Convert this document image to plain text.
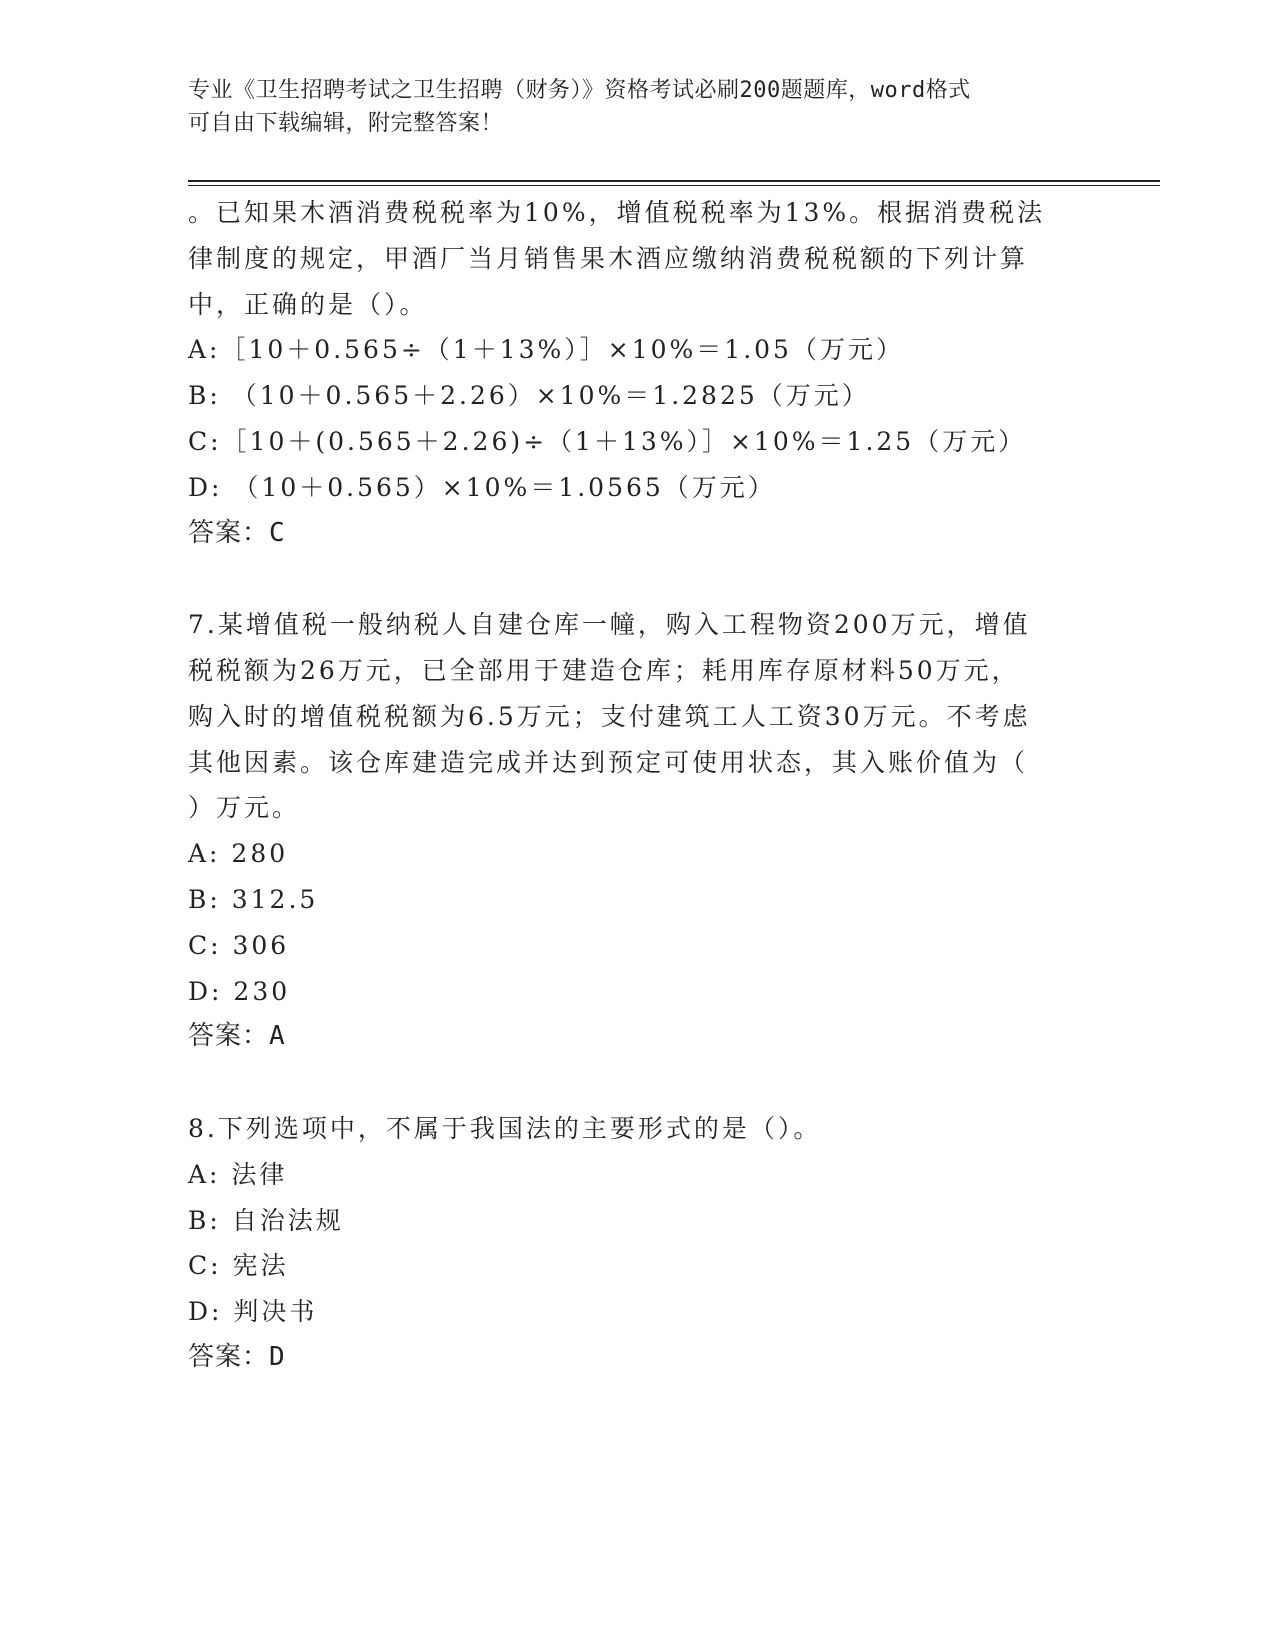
专业《卫生招聘考试之卫生招聘（财务）》资格考试必刷200题题库，word格式
可自由下载编辑，附完整答案！

。已知果木酒消费税税率为10%，增值税税率为13%。根据消费税法

律制度的规定，甲酒厂当月销售果木酒应缴纳消费税税额的下列计算

中，正确的是（）。

A:［10＋0.565÷（1＋13%）］×10%＝1.05（万元）

B: （10＋0.565＋2.26）×10%＝1.2825（万元）

C:［10＋(0.565＋2.26)÷（1＋13%）］×10%＝1.25（万元）

D: （10＋0.565）×10%＝1.0565（万元）

答案：C

7.某增值税一般纳税人自建仓库一幢，购入工程物资200万元，增值

税税额为26万元，已全部用于建造仓库；耗用库存原材料50万元，

购入时的增值税税额为6.5万元；支付建筑工人工资30万元。不考虑

其他因素。该仓库建造完成并达到预定可使用状态，其入账价值为（

）万元。

A: 280

B: 312.5

C: 306

D: 230

答案：A

8.下列选项中，不属于我国法的主要形式的是（）。

A: 法律

B: 自治法规

C: 宪法

D: 判决书

答案：D
